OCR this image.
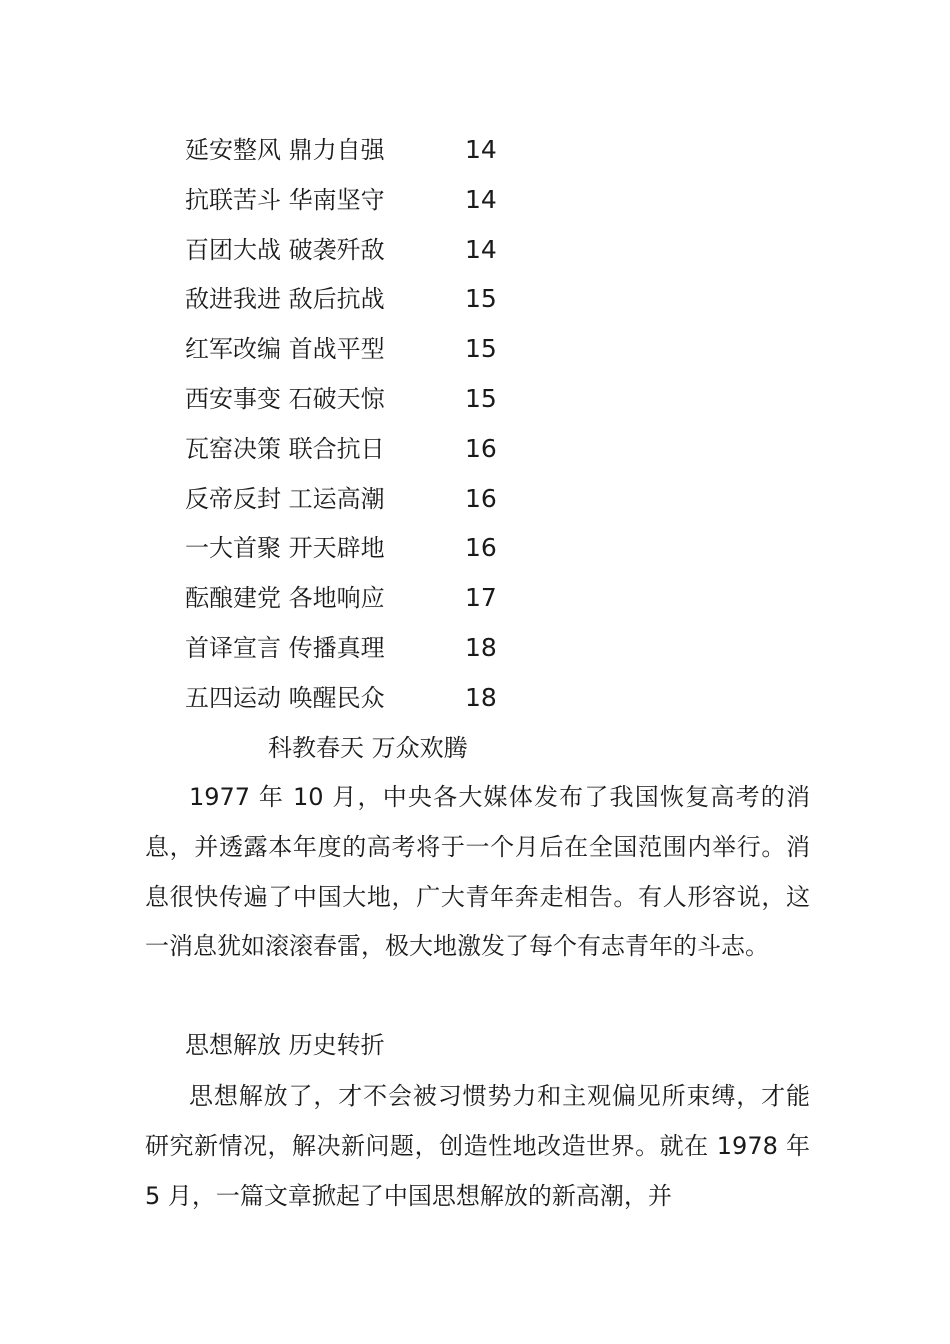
延安整风 鼎力自强	14
抗联苦斗 华南坚守	14
百团大战 破袭歼敌	14
敌进我进 敌后抗战	15
红军改编 首战平型	15
西安事变 石破天惊	15
瓦窑决策 联合抗日	16
反帝反封 工运高潮	16
一大首聚 开天辟地	16
酝酿建党 各地响应	17
首译宣言 传播真理	18
五四运动 唤醒民众	18
科教春天 万众欢腾

1977 年 10 月，中央各大媒体发布了我国恢复高考的消息，并透露本年度的高考将于一个月后在全国范围内举行。消息很快传遍了中国大地，广大青年奔走相告。有人形容说，这一消息犹如滚滚春雷，极大地激发了每个有志青年的斗志。

思想解放 历史转折

思想解放了，才不会被习惯势力和主观偏见所束缚，才能研究新情况，解决新问题，创造性地改造世界。就在 1978 年 5 月，一篇文章掀起了中国思想解放的新高潮，并
